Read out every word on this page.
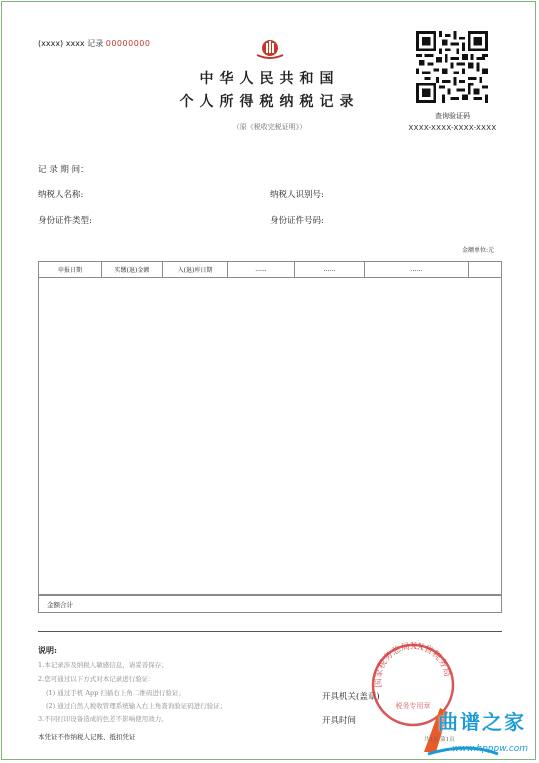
(xxxx) xxxx 记录 00000000
中华人民共和国
个人所得税纳税记录
（原《税收完税证明》）
查询验证码
XXXX-XXXX-XXXX-XXXX
记 录 期 间：
纳税人名称:	纳税人识别号:
身份证件类型:	身份证件号码:
金额单位:元
申报日期	实缴(退)金额	入(退)库日期	......	......	......	
金额合计
说明:
1.本记录涉及纳税人敏感信息，请妥善保存；
2.您可通过以下方式对本记录进行验证：
(1) 通过手机 App 扫描右上角二维码进行验证；
(2) 通过自然人税收管理系统输入右上角查询验证码进行验证；
3.不同打印设备造成的色差不影响使用效力。
开具机关(盖章)
开具时间
国家税务总局XX省税务局
税务专用章
曲谱之家
www.hpppw.com
本凭证不作纳税人记账、抵扣凭证	共1页 第1页
